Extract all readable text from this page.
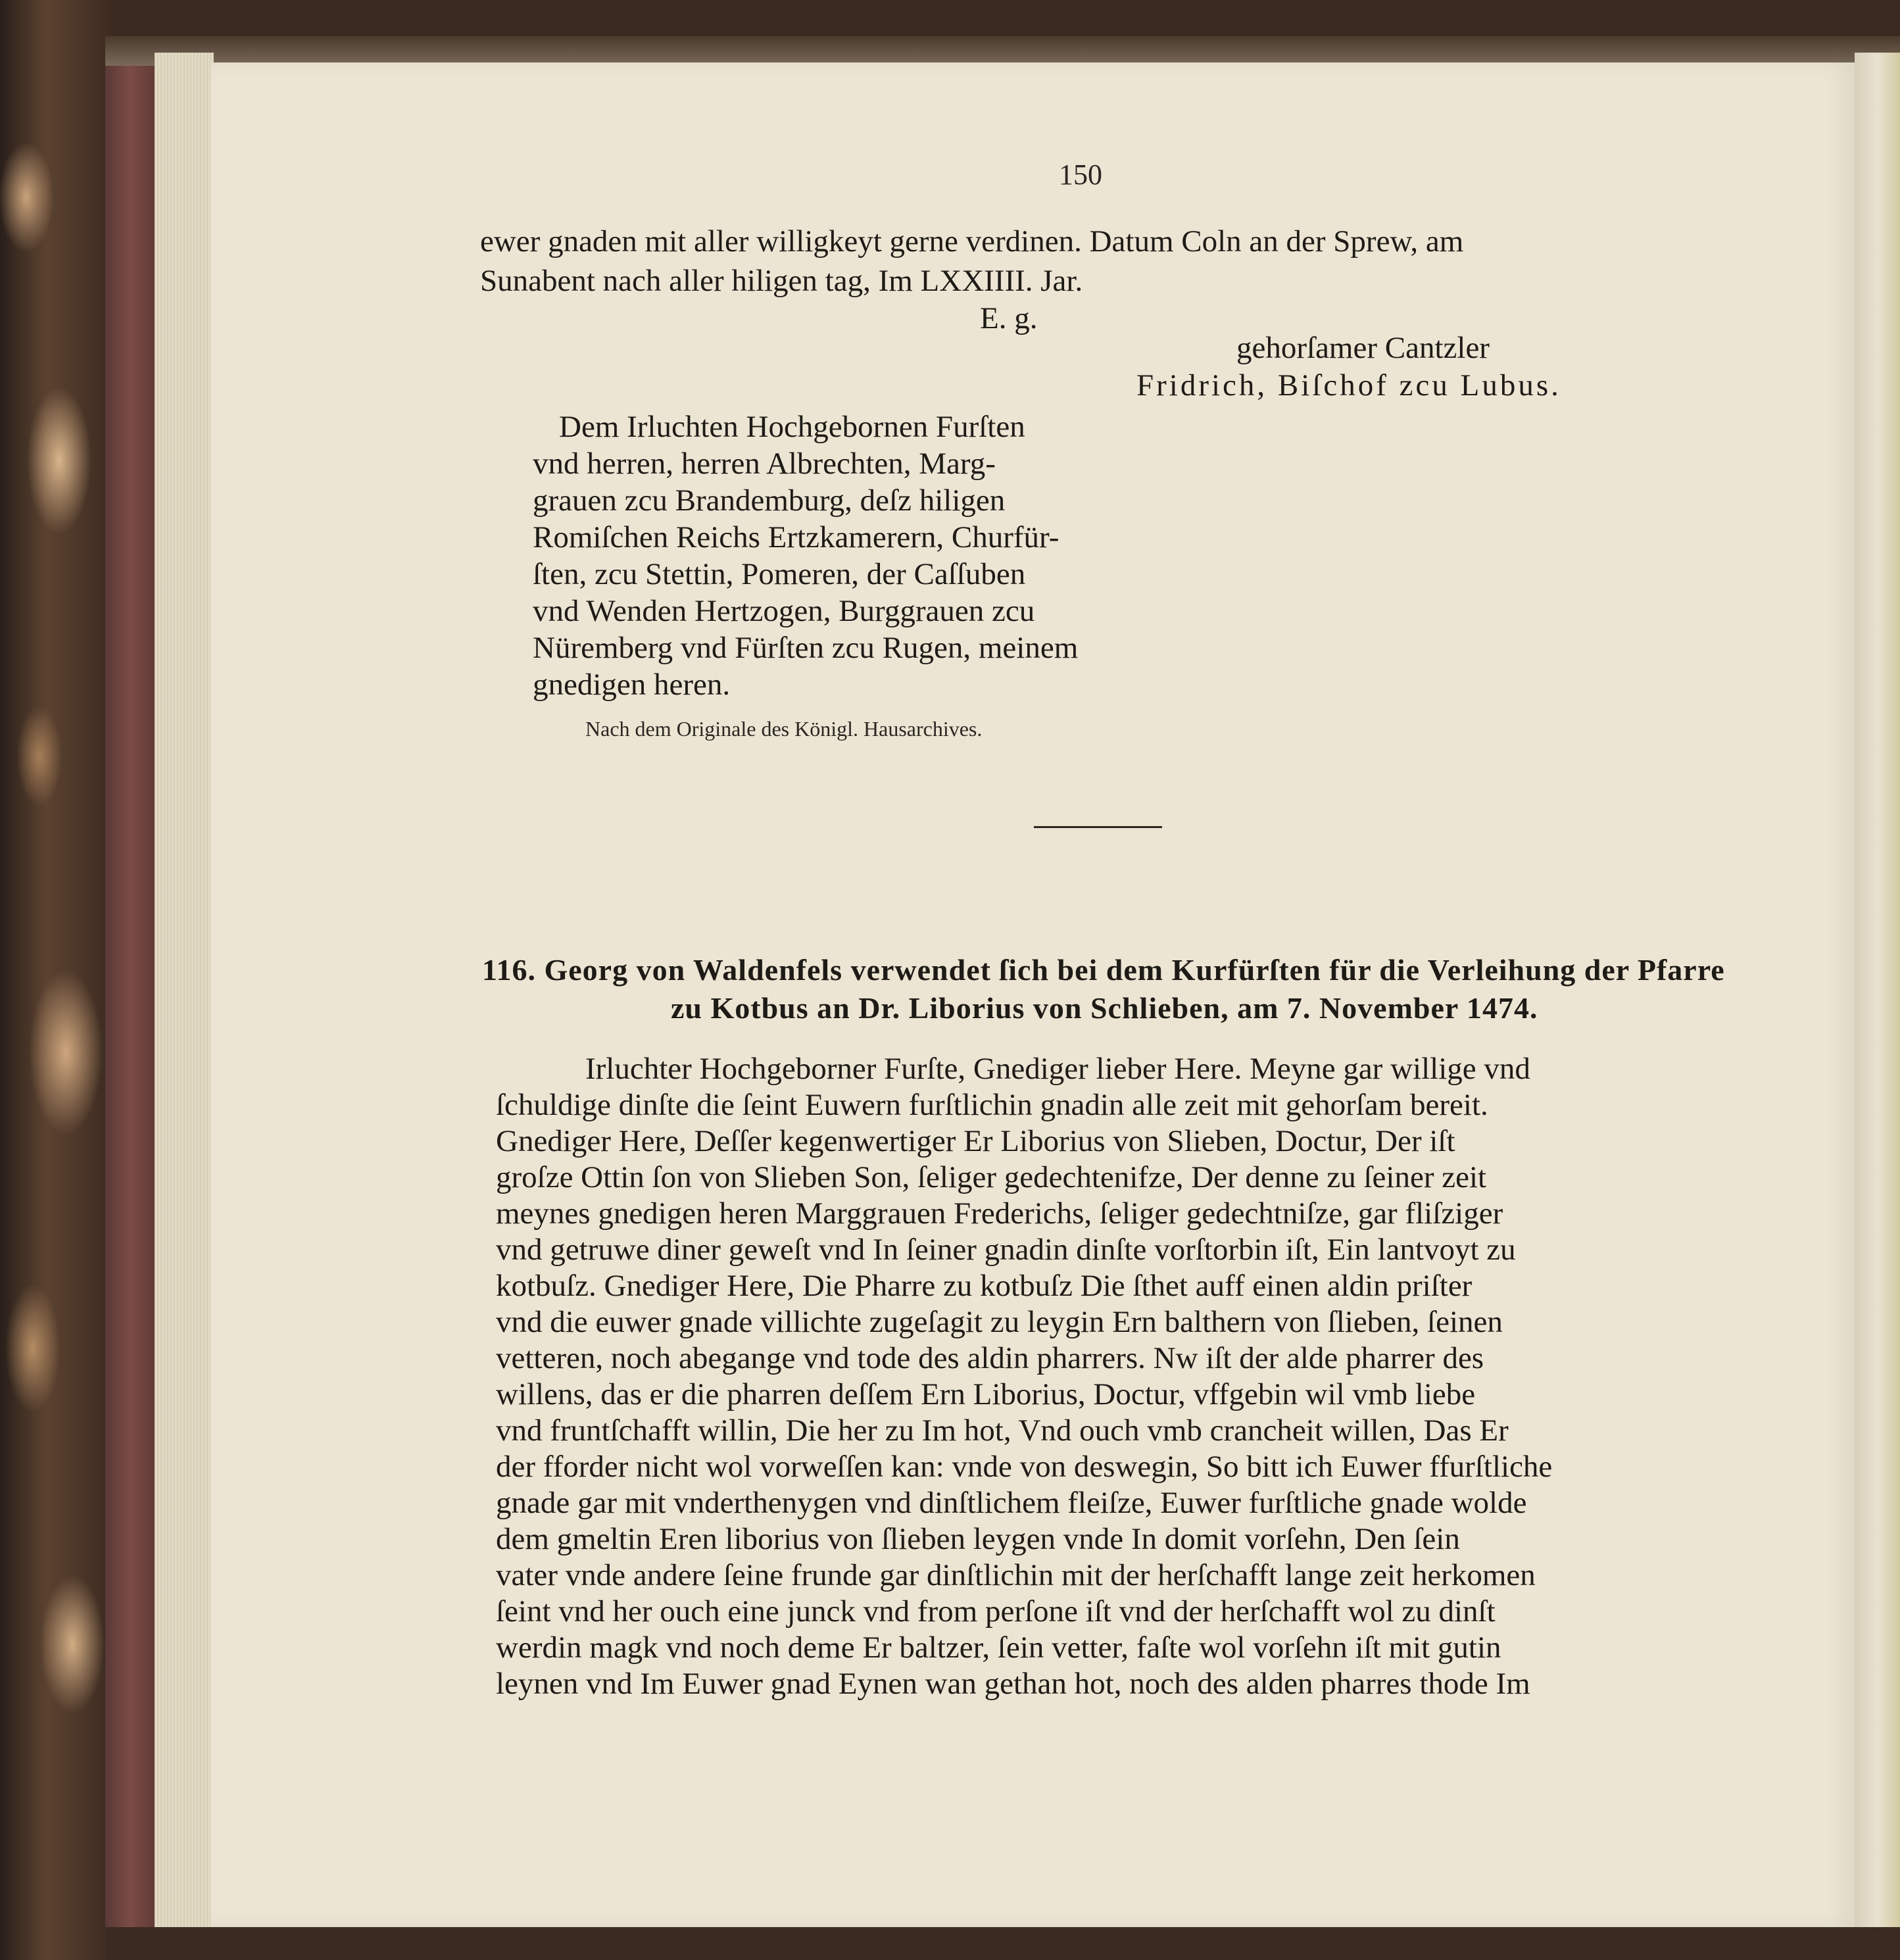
150
ewer gnaden mit aller willigkeyt gerne verdinen. Datum Coln an der Sprew, am
Sunabent nach aller hiligen tag, Im LXXIIII. Jar.
E. g.
gehorſamer Cantzler
Fridrich, Biſchof zcu Lubus.
Dem Irluchten Hochgebornen Furſten
vnd herren, herren Albrechten, Marg-
grauen zcu Brandemburg, deſz hiligen
Romiſchen Reichs Ertzkamerern, Churfür-
ſten, zcu Stettin, Pomeren, der Caſſuben
vnd Wenden Hertzogen, Burggrauen zcu
Nüremberg vnd Fürſten zcu Rugen, meinem
gnedigen heren.
Nach dem Originale des Königl. Hausarchives.
116. Georg von Waldenfels verwendet ſich bei dem Kurfürſten für die Verleihung der Pfarre
zu Kotbus an Dr. Liborius von Schlieben, am 7. November 1474.
Irluchter Hochgeborner Furſte, Gnediger lieber Here. Meyne gar willige vnd
ſchuldige dinſte die ſeint Euwern furſtlichin gnadin alle zeit mit gehorſam bereit.
Gnediger Here, Deſſer kegenwertiger Er Liborius von Slieben, Doctur, Der iſt
groſze Ottin ſon von Slieben Son, ſeliger gedechtenifze, Der denne zu ſeiner zeit
meynes gnedigen heren Marggrauen Frederichs, ſeliger gedechtniſze, gar fliſziger
vnd getruwe diner geweſt vnd In ſeiner gnadin dinſte vorſtorbin iſt, Ein lantvoyt zu
kotbuſz. Gnediger Here, Die Pharre zu kotbuſz Die ſthet auff einen aldin priſter
vnd die euwer gnade villichte zugeſagit zu leygin Ern balthern von ſlieben, ſeinen
vetteren, noch abegange vnd tode des aldin pharrers. Nw iſt der alde pharrer des
willens, das er die pharren deſſem Ern Liborius, Doctur, vffgebin wil vmb liebe
vnd fruntſchafft willin, Die her zu Im hot, Vnd ouch vmb crancheit willen, Das Er
der fforder nicht wol vorweſſen kan: vnde von deswegin, So bitt ich Euwer ffurſtliche
gnade gar mit vnderthenygen vnd dinſtlichem fleiſze, Euwer furſtliche gnade wolde
dem gmeltin Eren liborius von ſlieben leygen vnde In domit vorſehn, Den ſein
vater vnde andere ſeine frunde gar dinſtlichin mit der herſchafft lange zeit herkomen
ſeint vnd her ouch eine junck vnd from perſone iſt vnd der herſchafft wol zu dinſt
werdin magk vnd noch deme Er baltzer, ſein vetter, faſte wol vorſehn iſt mit gutin
leynen vnd Im Euwer gnad Eynen wan gethan hot, noch des alden pharres thode Im
